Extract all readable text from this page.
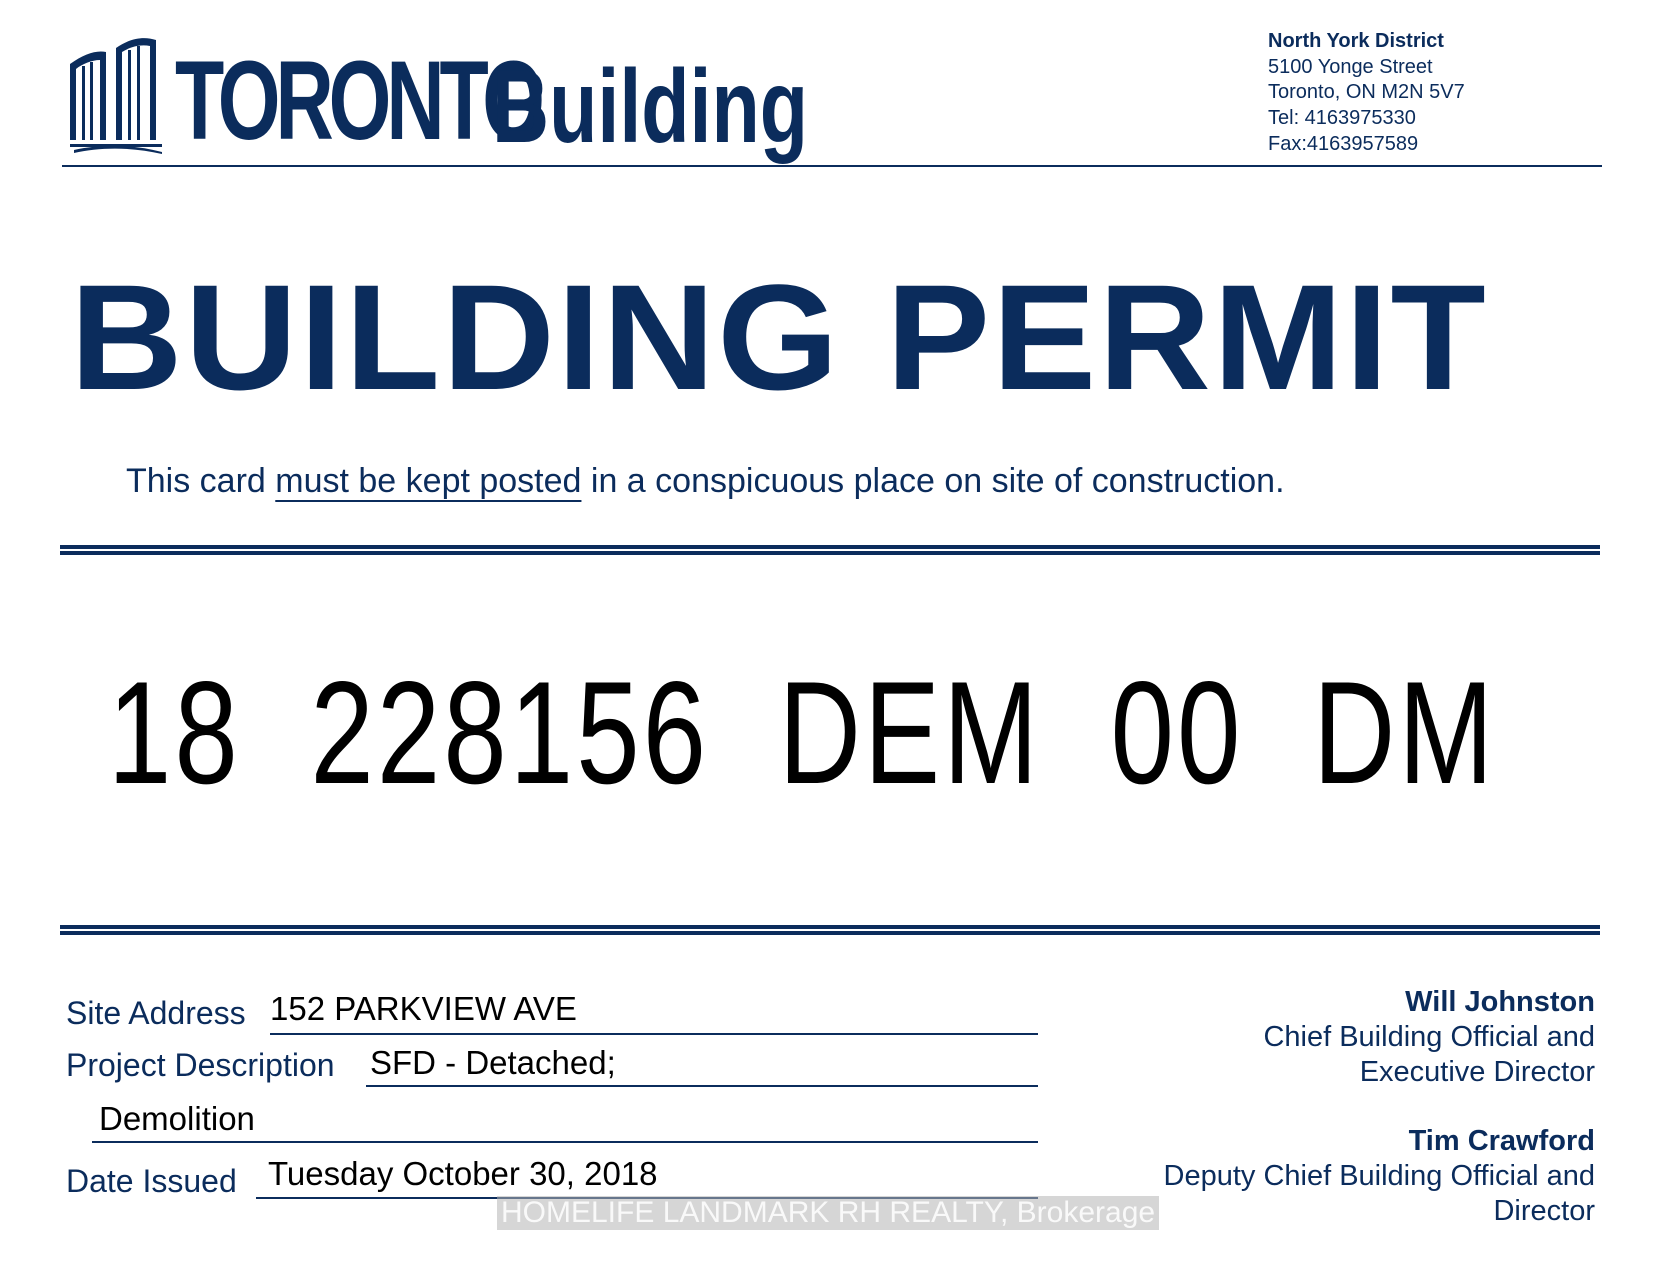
TORONTO
Building
North York District
5100 Yonge Street
Toronto, ON M2N 5V7
Tel: 4163975330
Fax:4163957589
BUILDING PERMIT
This card must be kept posted in a conspicuous place on site of construction.
18  228156  DEM  00  DM
Site Address 152 PARKVIEW AVE
Project Description SFD - Detached;
Demolition
Date Issued Tuesday October 30, 2018
Will Johnston
Chief Building Official and
Executive Director
Tim Crawford
Deputy Chief Building Official and
Director
HOMELIFE LANDMARK RH REALTY, Brokerage
